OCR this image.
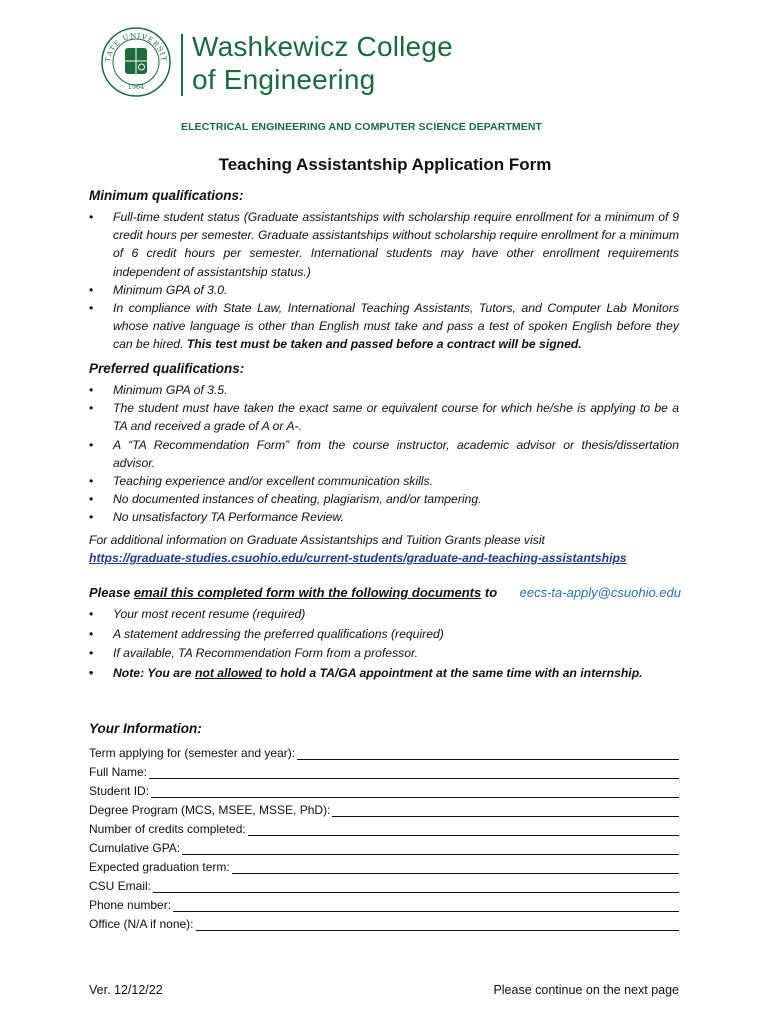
TATE UNIVERSIT
1964
Washkewicz College
of Engineering
ELECTRICAL ENGINEERING AND COMPUTER SCIENCE DEPARTMENT
Teaching Assistantship Application Form
Minimum qualifications:
• Full-time student status (Graduate assistantships with scholarship require enrollment for a minimum of 9 credit hours per semester. Graduate assistantships without scholarship require enrollment for a minimum of 6 credit hours per semester. International students may have other enrollment requirements independent of assistantship status.)
• Minimum GPA of 3.0.
• In compliance with State Law, International Teaching Assistants, Tutors, and Computer Lab Monitors whose native language is other than English must take and pass a test of spoken English before they can be hired. This test must be taken and passed before a contract will be signed.
Preferred qualifications:
• Minimum GPA of 3.5.
• The student must have taken the exact same or equivalent course for which he/she is applying to be a TA and received a grade of A or A-.
• A “TA Recommendation Form” from the course instructor, academic advisor or thesis/dissertation advisor.
• Teaching experience and/or excellent communication skills.
• No documented instances of cheating, plagiarism, and/or tampering.
• No unsatisfactory TA Performance Review.
For additional information on Graduate Assistantships and Tuition Grants please visit
https://graduate-studies.csuohio.edu/current-students/graduate-and-teaching-assistantships
Please email this completed form with the following documents to eecs-ta-apply@csuohio.edu
• Your most recent resume (required)
• A statement addressing the preferred qualifications (required)
• If available, TA Recommendation Form from a professor.
• Note: You are not allowed to hold a TA/GA appointment at the same time with an internship.
Your Information:
Term applying for (semester and year):
Full Name:
Student ID:
Degree Program (MCS, MSEE, MSSE, PhD):
Number of credits completed:
Cumulative GPA:
Expected graduation term:
CSU Email:
Phone number:
Office (N/A if none):
Ver. 12/12/22	Please continue on the next page
